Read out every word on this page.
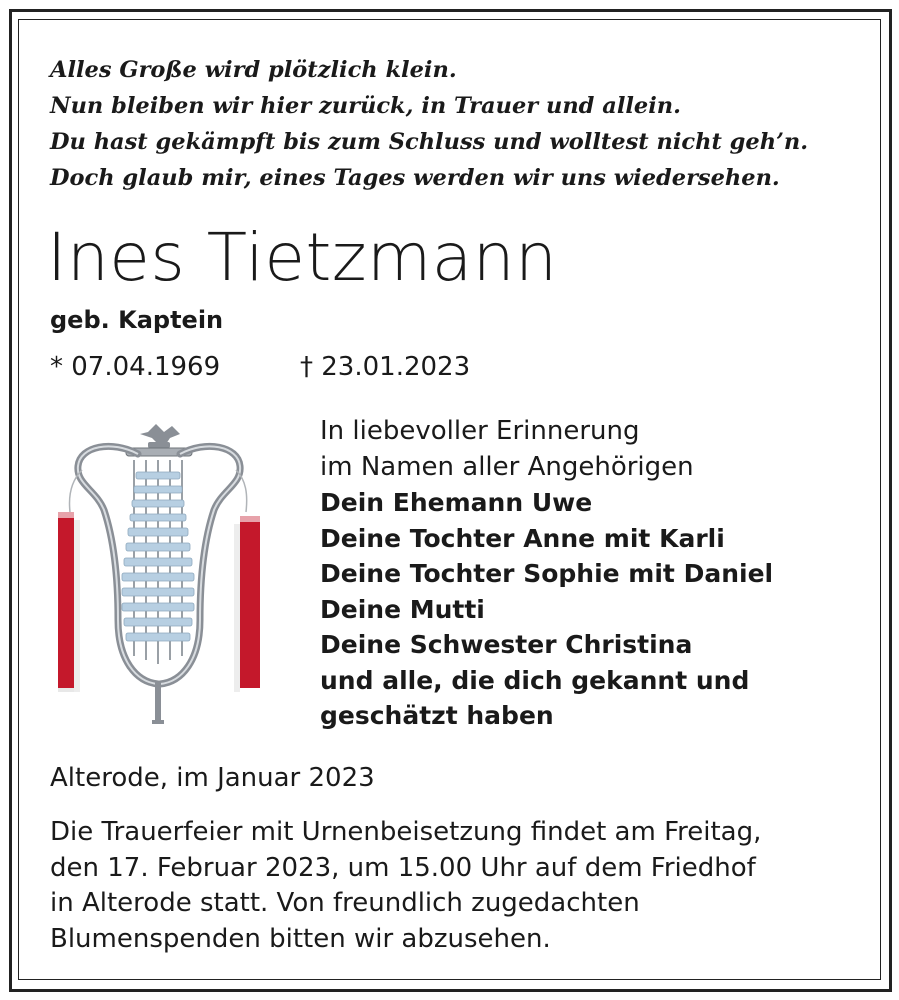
Alles Große wird plötzlich klein.
Nun bleiben wir hier zurück, in Trauer und allein.
Du hast gekämpft bis zum Schluss und wolltest nicht geh’n.
Doch glaub mir, eines Tages werden wir uns wiedersehen.
Ines Tietzmann
geb. Kaptein
* 07.04.1969	† 23.01.2023
In liebevoller Erinnerung
im Namen aller Angehörigen
Dein Ehemann Uwe
Deine Tochter Anne mit Karli
Deine Tochter Sophie mit Daniel
Deine Mutti
Deine Schwester Christina
und alle, die dich gekannt und
geschätzt haben
Alterode, im Januar 2023
Die Trauerfeier mit Urnenbeisetzung findet am Freitag,
den 17. Februar 2023, um 15.00 Uhr auf dem Friedhof
in Alterode statt. Von freundlich zugedachten
Blumenspenden bitten wir abzusehen.
